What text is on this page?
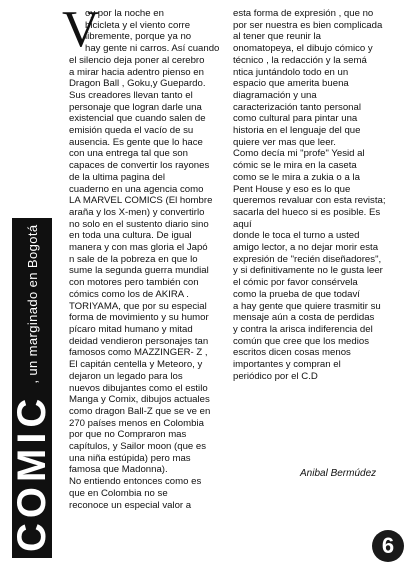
COMIC
, un marginado en Bogotá
V

oy por la noche en

bicicleta y el viento corre

libremente, porque ya no

hay gente ni carros. Así cuando

el silencio deja poner al cerebro

a mirar hacia adentro pienso en

Dragon Ball , Goku,y Guepardo.

Sus creadores llevan tanto el

personaje que logran darle una

existencial que cuando salen de

emisión queda el vacío de su

ausencia. Es gente que lo hace

con una entrega tal que son

capaces de convertir los rayones

de la ultima pagina del

cuaderno en una agencia como

LA MARVEL COMICS (El hombre

araña y los X-men) y convertirlo

no solo en el sustento diario sino

en toda una cultura. De igual

manera y con mas gloria el Japó

n sale de la pobreza en que lo

sume la segunda guerra mundial

con motores pero también con

cómics como los de AKIRA .

TORIYAMA, que por su especial

forma de movimiento y su humor

pícaro mitad humano y mitad

deidad vendieron personajes tan

famosos como MAZZINGER- Z ,

El capitán centella y Meteoro, y

dejaron un legado para los

nuevos dibujantes como el estilo

Manga y Comix, dibujos actuales

como dragon Ball-Z que se ve en

270 países menos en Colombia

por que no Compraron mas

capítulos, y Sailor moon (que es

una niña estúpida) pero mas

famosa que Madonna).

No entiendo entonces como es

que en Colombia no se

reconoce un especial valor a

esta forma de expresión , que no

por ser nuestra es bien complicada

al tener que reunir la

onomatopeya, el dibujo cómico y

técnico , la redacción y la semá

ntica juntándolo todo en un

espacio que amerita buena

diagramación y una

caracterización tanto personal

como cultural para pintar una

historia en el lenguaje del que

quiere ver mas que leer.

Como decía mi "profe" Yesid al

cómic se le mira en la caseta

como se le mira a zukia o a la

Pent House y eso es lo que

queremos revaluar con esta revista;

sacarla del hueco si es posible. Es

aquí

donde le toca el turno a usted

amigo lector, a no dejar morir esta

expresión de "recién diseñadores",

y si definitivamente no le gusta leer

el cómic por favor consérvela

como la prueba de que todaví

a hay gente que quiere trasmitir su

mensaje aún a costa de perdidas

y contra la arisca indiferencia del

común que cree que los medios

escritos dicen cosas menos

importantes y compran el

periódico por el C.D

Anibal Bermúdez
6
